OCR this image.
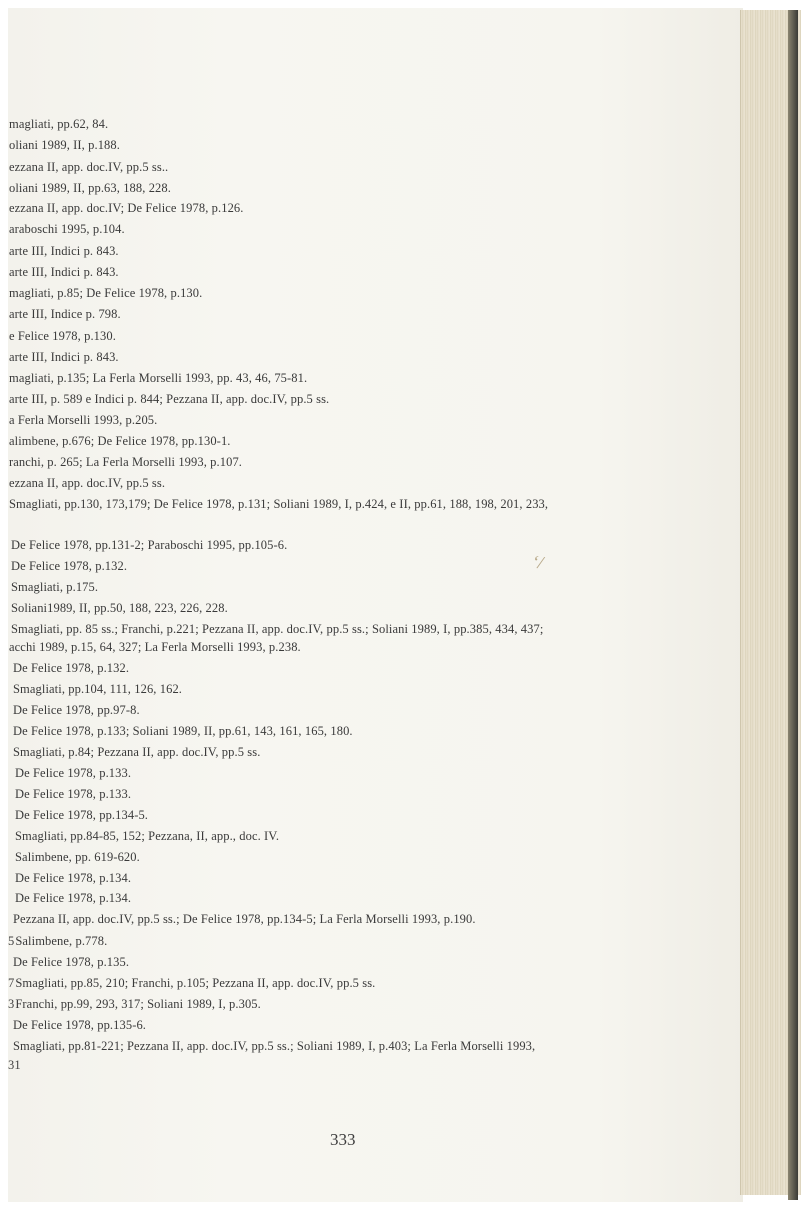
magliati, pp.62, 84.
oliani 1989, II, p.188.
ezzana II, app. doc.IV, pp.5 ss..
oliani 1989, II, pp.63, 188, 228.
ezzana II, app. doc.IV; De Felice 1978, p.126.
araboschi 1995, p.104.
arte III, Indici p. 843.
arte III, Indici p. 843.
magliati, p.85; De Felice 1978, p.130.
arte III, Indice p. 798.
e Felice 1978, p.130.
arte III, Indici p. 843.
magliati, p.135; La Ferla Morselli 1993, pp. 43, 46, 75-81.
arte III, p. 589 e Indici p. 844; Pezzana II, app. doc.IV, pp.5 ss.
a Ferla Morselli 1993, p.205.
alimbene, p.676; De Felice 1978, pp.130-1.
ranchi, p. 265; La Ferla Morselli 1993, p.107.
ezzana II, app. doc.IV, pp.5 ss.
Smagliati, pp.130, 173,179; De Felice 1978, p.131; Soliani 1989, I, p.424, e II, pp.61, 188, 198, 201, 233,
De Felice 1978, pp.131-2; Paraboschi 1995, pp.105-6.
De Felice 1978, p.132.
Smagliati, p.175.
Soliani1989, II, pp.50, 188, 223, 226, 228.
Smagliati, pp. 85 ss.; Franchi, p.221; Pezzana II, app. doc.IV, pp.5 ss.; Soliani 1989, I, pp.385, 434, 437;
acchi 1989, p.15, 64, 327; La Ferla Morselli 1993, p.238.
De Felice 1978, p.132.
Smagliati, pp.104, 111, 126, 162.
De Felice 1978, pp.97-8.
De Felice 1978, p.133; Soliani 1989, II, pp.61, 143, 161, 165, 180.
Smagliati, p.84; Pezzana II, app. doc.IV, pp.5 ss.
De Felice 1978, p.133.
De Felice 1978, p.133.
De Felice 1978, pp.134-5.
Smagliati, pp.84-85, 152; Pezzana, II, app., doc. IV.
Salimbene, pp. 619-620.
De Felice 1978, p.134.
De Felice 1978, p.134.
Pezzana II, app. doc.IV, pp.5 ss.; De Felice 1978, pp.134-5; La Ferla Morselli 1993, p.190.
5Salimbene, p.778.
De Felice 1978, p.135.
7Smagliati, pp.85, 210; Franchi, p.105; Pezzana II, app. doc.IV, pp.5 ss.
3Franchi, pp.99, 293, 317; Soliani 1989, I, p.305.
De Felice 1978, pp.135-6.
Smagliati, pp.81-221; Pezzana II, app. doc.IV, pp.5 ss.; Soliani 1989, I, p.403; La Ferla Morselli 1993,
31
ʻ/
333
